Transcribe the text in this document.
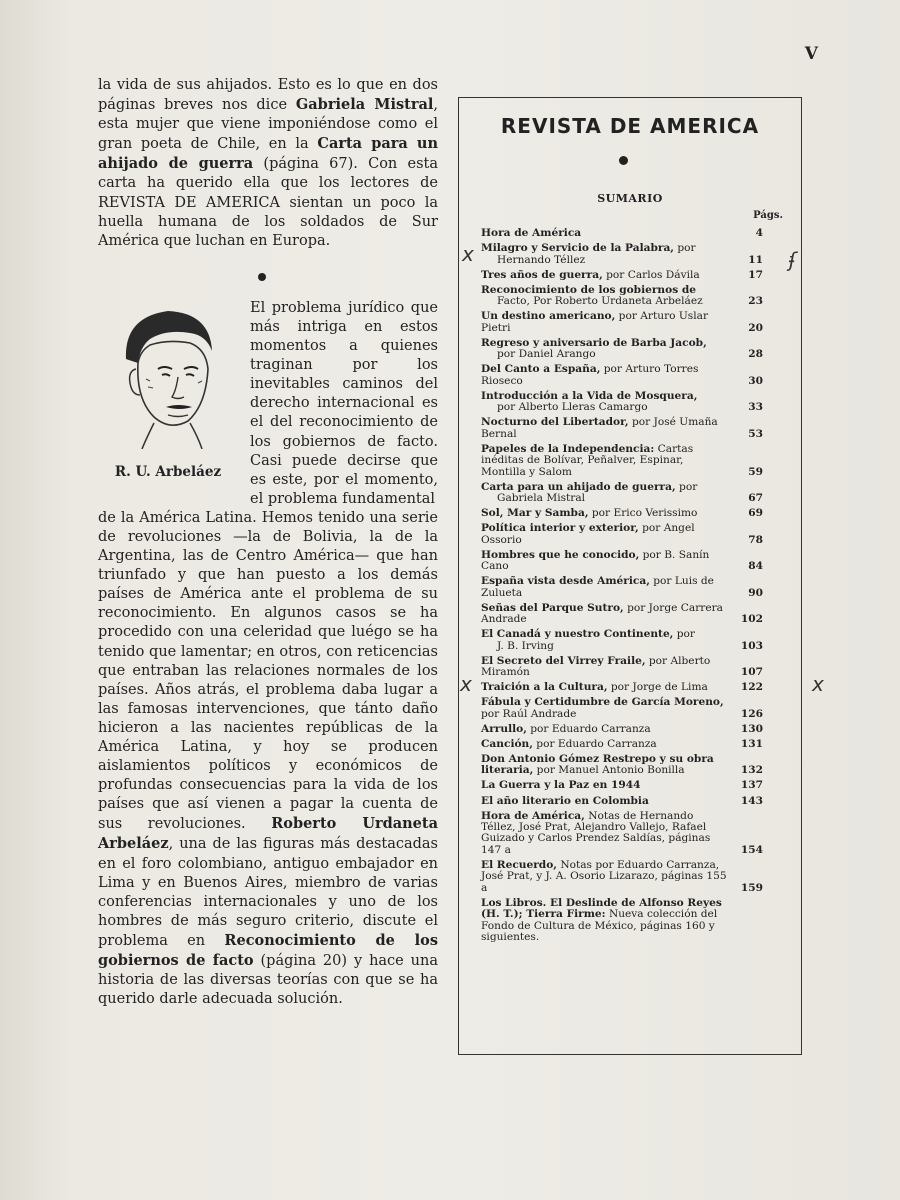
V

la vida de sus ahijados. Esto es lo que en dos páginas breves nos dice Gabriela Mistral, esta mujer que viene imponiéndose como el gran poeta de Chile, en la Carta para un ahijado de guerra (página 67). Con esta carta ha querido ella que los lectores de REVISTA DE AMERICA sientan un poco la huella humana de los soldados de Sur América que luchan en Europa.

R. U. Arbeláez
El problema jurídico que más intriga en estos momentos a quienes traginan por los inevitables caminos del derecho internacional es el del reconocimiento de los gobiernos de facto. Casi puede decirse que es este, por el momento, el problema fundamental

de la América Latina. Hemos tenido una serie de revoluciones —la de Bolivia, la de la Argentina, las de Centro América— que han triunfado y que han puesto a los demás países de América ante el problema de su reconocimiento. En algunos casos se ha procedido con una celeridad que luégo se ha tenido que lamentar; en otros, con reticencias que entraban las relaciones normales de los países. Años atrás, el problema daba lugar a las famosas intervenciones, que tánto daño hicieron a las nacientes repúblicas de la América Latina, y hoy se producen aislamientos políticos y económicos de profundas consecuencias para la vida de los países que así vienen a pagar la cuenta de sus revoluciones. Roberto Urdaneta Arbeláez, una de las figuras más destacadas en el foro colombiano, antiguo embajador en Lima y en Buenos Aires, miembro de varias conferencias internacionales y uno de los hombres de más seguro criterio, discute el problema en Reconocimiento de los gobiernos de facto (página 20) y hace una historia de las diversas teorías con que se ha querido darle adecuada solución.

REVISTA DE AMERICA
SUMARIO
Págs.
Hora de América	4
Milagro y Servicio de la Palabra, por
Hernando Téllez	11
Tres años de guerra, por Carlos Dávila	17
Reconocimiento de los gobiernos de
Facto, Por Roberto Urdaneta Arbeláez	23
Un destino americano, por Arturo Uslar Pietri	20
Regreso y aniversario de Barba Jacob,
por Daniel Arango	28
Del Canto a España, por Arturo Torres Rioseco	30
Introducción a la Vida de Mosquera,
por Alberto Lleras Camargo	33
Nocturno del Libertador, por José Umaña Bernal	53
Papeles de la Independencia: Cartas inéditas de Bolívar, Peñalver, Espinar, Montilla y Salom	59
Carta para un ahijado de guerra, por
Gabriela Mistral	67
Sol, Mar y Samba, por Erico Verissimo	69
Política interior y exterior, por Angel Ossorio	78
Hombres que he conocido, por B. Sanín Cano	84
España vista desde América, por Luis de Zulueta	90
Señas del Parque Sutro, por Jorge Carrera Andrade	102
El Canadá y nuestro Continente, por
J. B. Irving	103
El Secreto del Virrey Fraile, por Alberto Miramón	107
Traición a la Cultura, por Jorge de Lima	122
Fábula y Certidumbre de García Moreno, por Raúl Andrade	126
Arrullo, por Eduardo Carranza	130
Canción, por Eduardo Carranza	131
Don Antonio Gómez Restrepo y su obra literaria, por Manuel Antonio Bonilla	132
La Guerra y la Paz en 1944	137
El año literario en Colombia	143
Hora de América, Notas de Hernando Téllez, José Prat, Alejandro Vallejo, Rafael Guizado y Carlos Prendez Saldías, páginas 147 a	154
El Recuerdo, Notas por Eduardo Carranza, José Prat, y J. A. Osorio Lizarazo, páginas 155 a	159
Los Libros. El Deslinde de Alfonso Reyes (H. T.); Tierra Firme: Nueva colección del Fondo de Cultura de México, páginas 160 y siguientes.
x	ʄ
x	x
